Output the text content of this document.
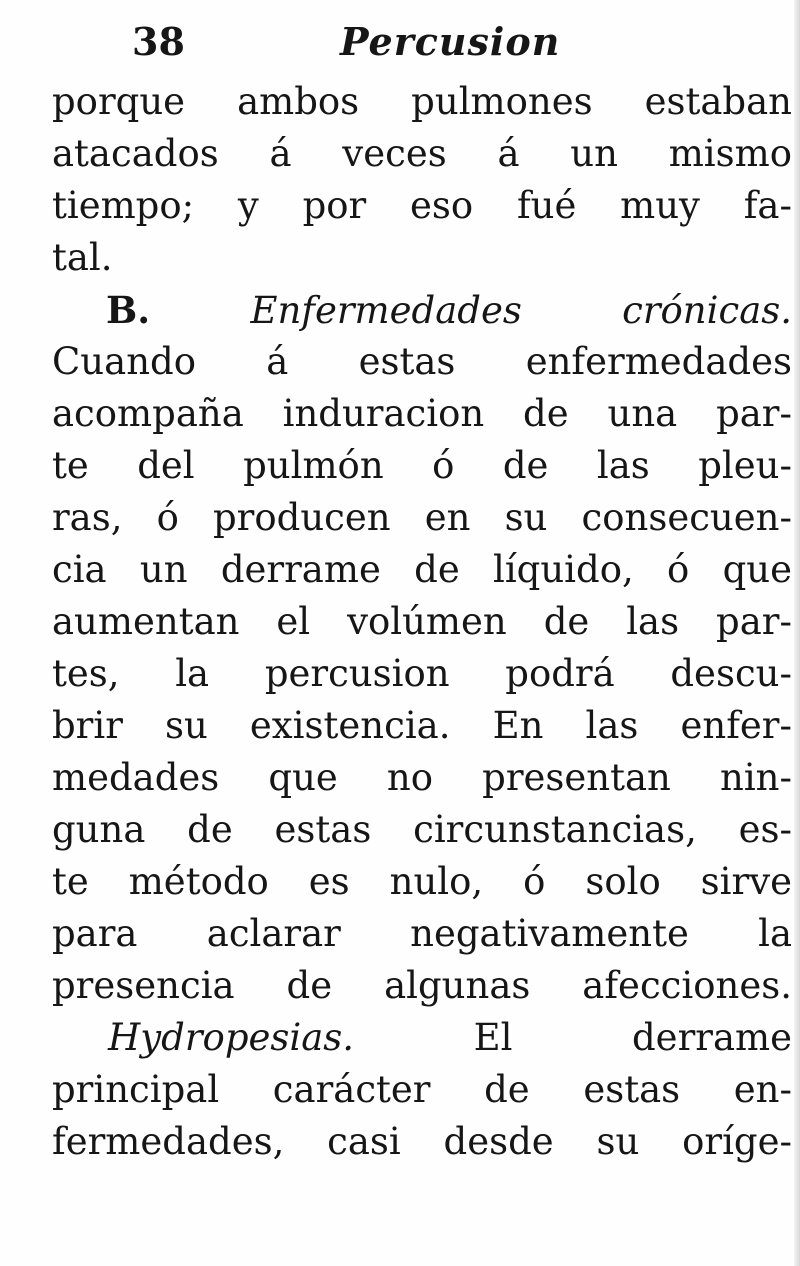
38	Percusion

porque ambos pulmones estaban
atacados á veces á un mismo
tiempo; y por eso fué muy fa-
tal.
B.	Enfermedades crónicas.
Cuando á estas enfermedades
acompaña induracion de una par-
te del pulmón ó de las pleu-
ras, ó producen en su consecuen-
cia un derrame de líquido, ó que
aumentan el volúmen de las par-
tes, la percusion podrá descu-
brir su existencia. En las enfer-
medades que no presentan nin-
guna de estas circunstancias, es-
te método es nulo, ó solo sirve
para aclarar negativamente la
presencia de algunas afecciones.
Hydropesias.	El derrame
principal carácter de estas en-
fermedades, casi desde su oríge-
